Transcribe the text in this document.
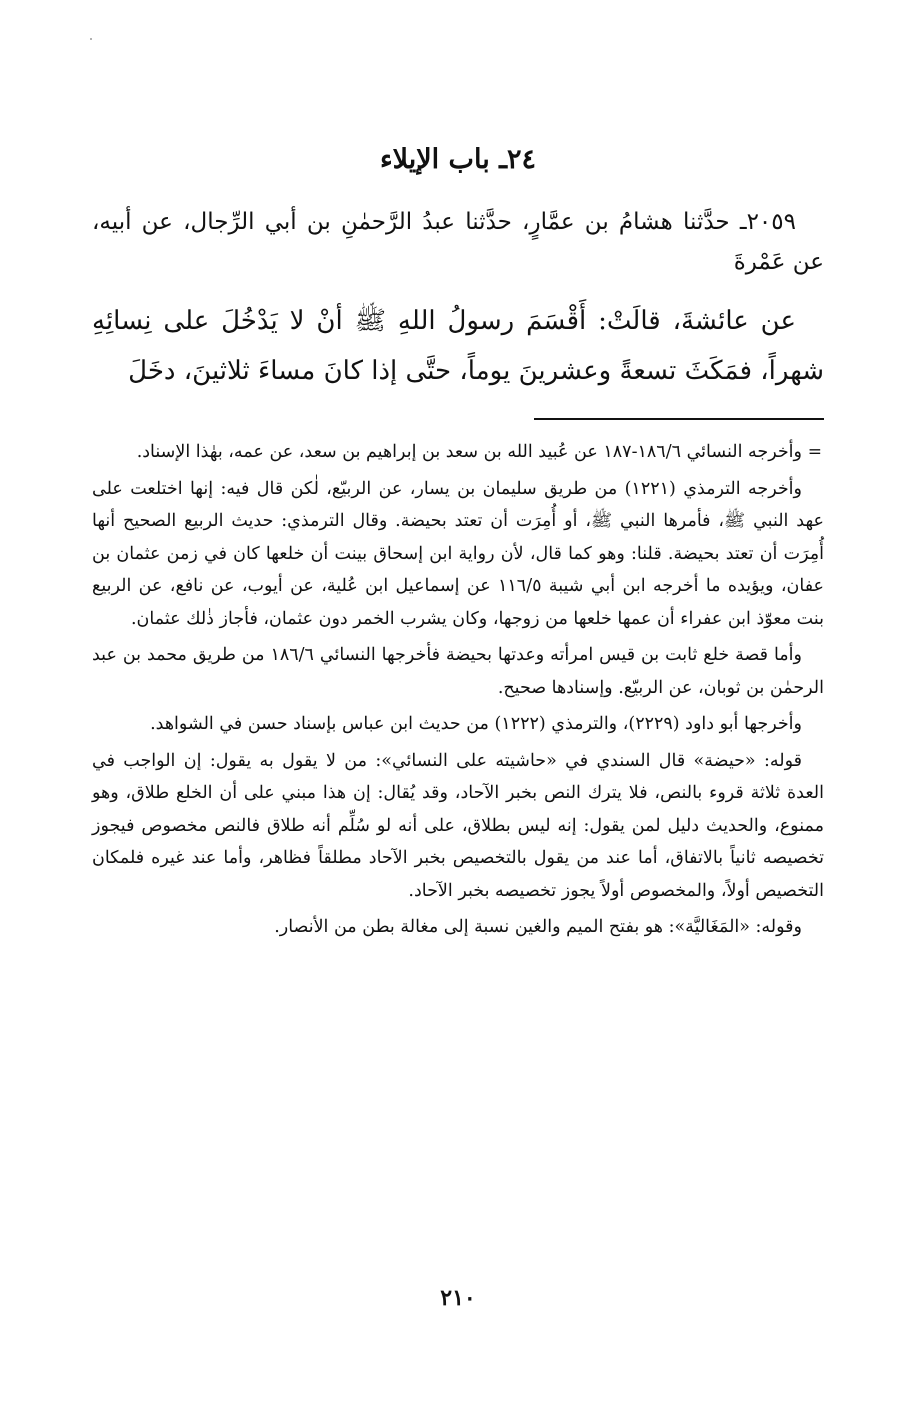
٢٤ـ باب الإيلاء

٢٠٥٩ـ حدَّثنا هشامُ بن عمَّارٍ، حدَّثنا عبدُ الرَّحمٰنِ بن أبي الرِّجال، عن أبيه، عن عَمْرةَ

عن عائشةَ، قالَتْ: أَقْسَمَ رسولُ اللهِ ﷺ أنْ لا يَدْخُلَ على نِسائِهِ شهراً، فمَكَثَ تسعةً وعشرينَ يوماً، حتَّى إذا كانَ مساءَ ثلاثينَ، دخَلَ

=
وأخرجه النسائي ١٨٦/٦-١٨٧ عن عُبيد الله بن سعد بن إبراهيم بن سعد، عن عمه، بهٰذا الإسناد.

وأخرجه الترمذي (١٢٢١) من طريق سليمان بن يسار، عن الربيّع، لٰكن قال فيه: إنها اختلعت على عهد النبي ﷺ، فأمرها النبي ﷺ، أو أُمِرَت أن تعتد بحيضة. وقال الترمذي: حديث الربيع الصحيح أنها أُمِرَت أن تعتد بحيضة. قلنا: وهو كما قال، لأن رواية ابن إسحاق بينت أن خلعها كان في زمن عثمان بن عفان، ويؤيده ما أخرجه ابن أبي شيبة ١١٦/٥ عن إسماعيل ابن عُلية، عن أيوب، عن نافع، عن الربيع بنت معوّذ ابن عفراء أن عمها خلعها من زوجها، وكان يشرب الخمر دون عثمان، فأجاز ذٰلك عثمان.

وأما قصة خلع ثابت بن قيس امرأته وعدتها بحيضة فأخرجها النسائي ١٨٦/٦ من طريق محمد بن عبد الرحمٰن بن ثوبان، عن الربيّع. وإسنادها صحيح.

وأخرجها أبو داود (٢٢٢٩)، والترمذي (١٢٢٢) من حديث ابن عباس بإسناد حسن في الشواهد.

قوله: «حيضة» قال السندي في «حاشيته على النسائي»: من لا يقول به يقول: إن الواجب في العدة ثلاثة قروء بالنص، فلا يترك النص بخبر الآحاد، وقد يُقال: إن هذا مبني على أن الخلع طلاق، وهو ممنوع، والحديث دليل لمن يقول: إنه ليس بطلاق، على أنه لو سُلِّم أنه طلاق فالنص مخصوص فيجوز تخصيصه ثانياً بالاتفاق، أما عند من يقول بالتخصيص بخبر الآحاد مطلقاً فظاهر، وأما عند غيره فلمكان التخصيص أولاً، والمخصوص أولاً يجوز تخصيصه بخبر الآحاد.

وقوله: «المَغَاليَّة»: هو بفتح الميم والغين نسبة إلى مغالة بطن من الأنصار.

٢١٠
